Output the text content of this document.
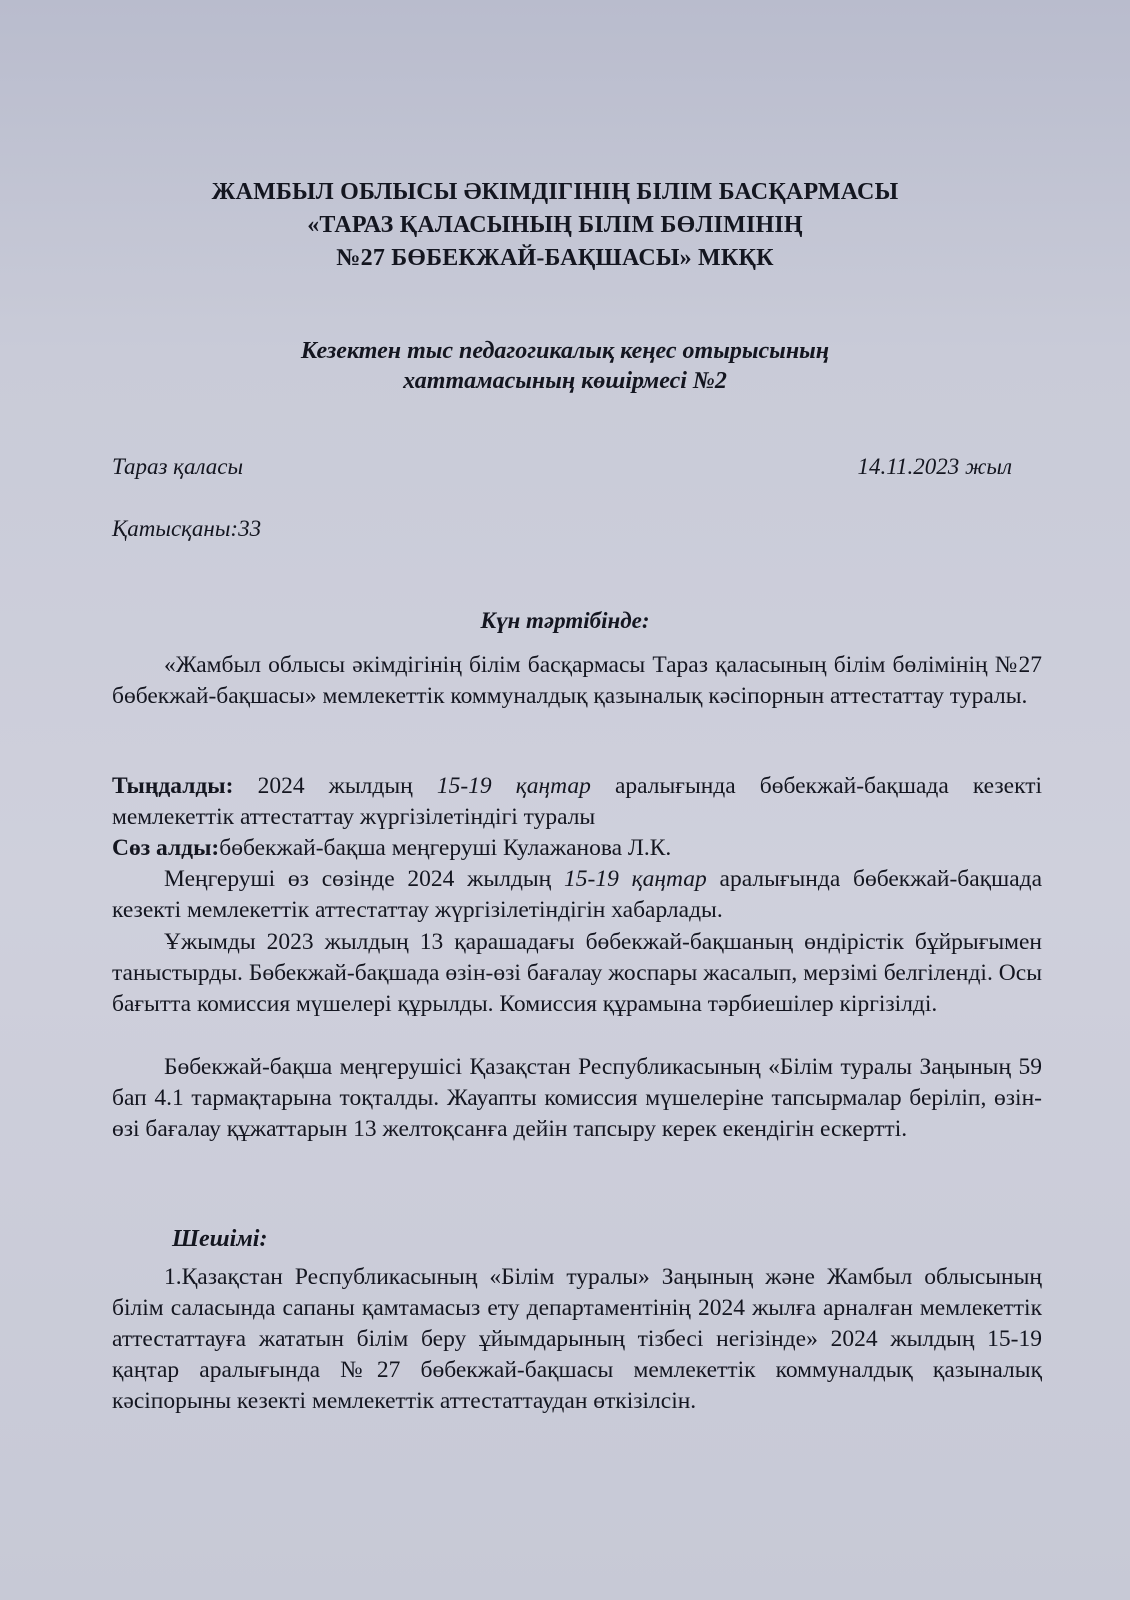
ЖАМБЫЛ ОБЛЫСЫ ӘКІМДІГІНІҢ БІЛІМ БАСҚАРМАСЫ
«ТАРАЗ ҚАЛАСЫНЫҢ БІЛІМ БӨЛІМІНІҢ
№27 БӨБЕКЖАЙ-БАҚШАСЫ» МКҚК
Кезектен тыс педагогикалық кеңес отырысының
хаттамасының көшірмесі №2
Тараз қаласы	14.11.2023 жыл
Қатысқаны:33
Күн тәртібінде:
«Жамбыл облысы әкімдігінің білім басқармасы Тараз қаласының білім бөлімінің №27 бөбекжай-бақшасы» мемлекеттік коммуналдық қазыналық кәсіпорнын аттестаттау туралы.
Тыңдалды: 2024 жылдың 15-19 қаңтар аралығында бөбекжай-бақшада кезекті мемлекеттік аттестаттау жүргізілетіндігі туралы
Сөз алды:бөбекжай-бақша меңгеруші Кулажанова Л.К.
Меңгеруші өз сөзінде 2024 жылдың 15-19 қаңтар аралығында бөбекжай-бақшада кезекті мемлекеттік аттестаттау жүргізілетіндігін хабарлады.
Ұжымды 2023 жылдың 13 қарашадағы бөбекжай-бақшаның өндірістік бұйрығымен таныстырды. Бөбекжай-бақшада өзін-өзі бағалау жоспары жасалып, мерзімі белгіленді. Осы бағытта комиссия мүшелері құрылды. Комиссия құрамына тәрбиешілер кіргізілді.
Бөбекжай-бақша меңгерушісі Қазақстан Республикасының «Білім туралы Заңының 59 бап 4.1 тармақтарына тоқталды. Жауапты комиссия мүшелеріне тапсырмалар беріліп, өзін-өзі бағалау құжаттарын 13 желтоқсанға дейін тапсыру керек екендігін ескертті.
Шешімі:
1.Қазақстан Республикасының «Білім туралы» Заңының және Жамбыл облысының білім саласында сапаны қамтамасыз ету департаментінің 2024 жылға арналған мемлекеттік аттестаттауға жататын білім беру ұйымдарының тізбесі негізінде» 2024 жылдың 15-19 қаңтар аралығында №27 бөбекжай-бақшасы мемлекеттік коммуналдық қазыналық кәсіпорыны кезекті мемлекеттік аттестаттаудан өткізілсін.
